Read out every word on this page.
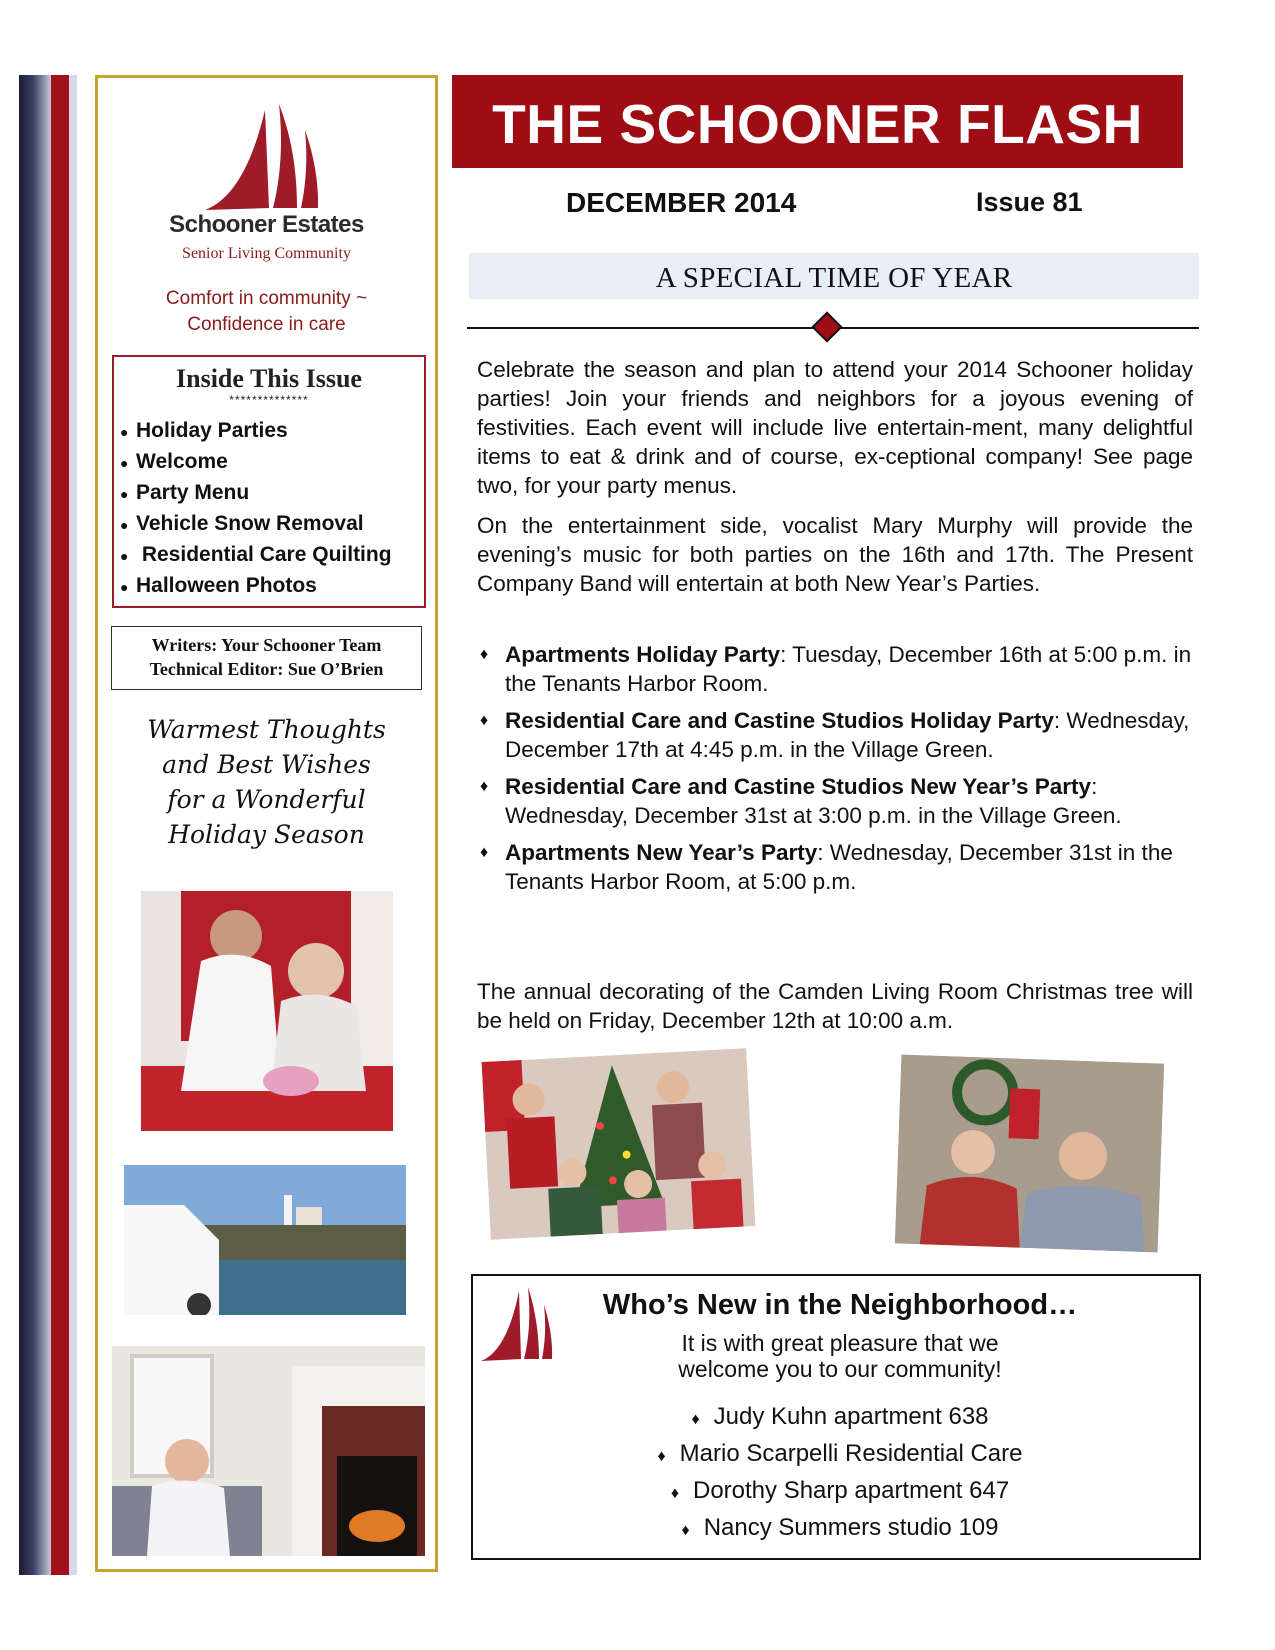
Schooner Estates
Senior Living Community
Comfort in community ~
Confidence in care
Inside This Issue
**************
● Holiday Parties
● Welcome
● Party Menu
● Vehicle Snow Removal
● Residential Care Quilting
● Halloween Photos
Writers: Your Schooner Team
Technical Editor: Sue O’Brien
Warmest Thoughts
and Best Wishes
for a Wonderful
Holiday Season
THE SCHOONER FLASH
DECEMBER 2014	Issue 81
A SPECIAL TIME OF YEAR
Celebrate the season and plan to attend your 2014 Schooner holiday parties! Join your friends and neighbors for a joyous evening of festivities. Each event will include live entertain-ment, many delightful items to eat & drink and of course, ex-ceptional company! See page two, for your party menus.
On the entertainment side, vocalist Mary Murphy will provide the evening’s music for both parties on the 16th and 17th. The Present Company Band will entertain at both New Year’s Parties.
♦ Apartments Holiday Party: Tuesday, December 16th at 5:00 p.m. in the Tenants Harbor Room.
♦ Residential Care and Castine Studios Holiday Party: Wednesday, December 17th at 4:45 p.m. in the Village Green.
♦ Residential Care and Castine Studios New Year’s Party: Wednesday, December 31st at 3:00 p.m. in the Village Green.
♦ Apartments New Year’s Party: Wednesday, December 31st in the Tenants Harbor Room, at 5:00 p.m.
The annual decorating of the Camden Living Room Christmas tree will be held on Friday, December 12th at 10:00 a.m.
Who’s New in the Neighborhood…
It is with great pleasure that we
welcome you to our community!
♦ Judy Kuhn apartment 638
♦ Mario Scarpelli Residential Care
♦ Dorothy Sharp apartment 647
♦ Nancy Summers studio 109
